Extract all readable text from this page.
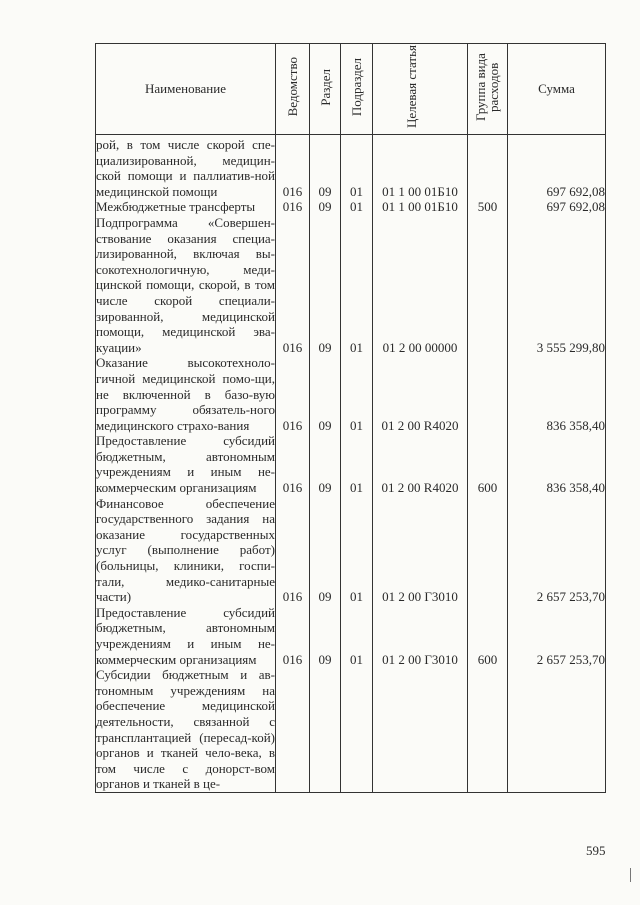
Наименование	Ведомство	Раздел	Подраздел	Целевая статья	Группа вида расходов	Сумма
рой, в том числе скорой спе-циализированной, медицин-ской помощи и паллиатив-ной медицинской помощи	016	09	01	01 1 00 01Б10		697 692,08
Межбюджетные трансферты	016	09	01	01 1 00 01Б10	500	697 692,08
Подпрограмма «Совершен-ствование оказания специа-лизированной, включая вы-сокотехнологичную, меди-цинской помощи, скорой, в том числе скорой специали-зированной, медицинской помощи, медицинской эва-куации»	016	09	01	01 2 00 00000		3 555 299,80
Оказание высокотехноло-гичной медицинской помо-щи, не включенной в базо-вую программу обязатель-ного медицинского страхо-вания	016	09	01	01 2 00 R4020		836 358,40
Предоставление субсидий бюджетным, автономным учреждениям и иным не-коммерческим организациям	016	09	01	01 2 00 R4020	600	836 358,40
Финансовое обеспечение государственного задания на оказание государственных услуг (выполнение работ) (больницы, клиники, госпи-тали, медико-санитарные части)	016	09	01	01 2 00 Г3010		2 657 253,70
Предоставление субсидий бюджетным, автономным учреждениям и иным не-коммерческим организациям	016	09	01	01 2 00 Г3010	600	2 657 253,70
Субсидии бюджетным и ав-тономным учреждениям на обеспечение медицинской деятельности, связанной с трансплантацией (пересад-кой) органов и тканей чело-века, в том числе с донорст-вом органов и тканей в це-						
595
